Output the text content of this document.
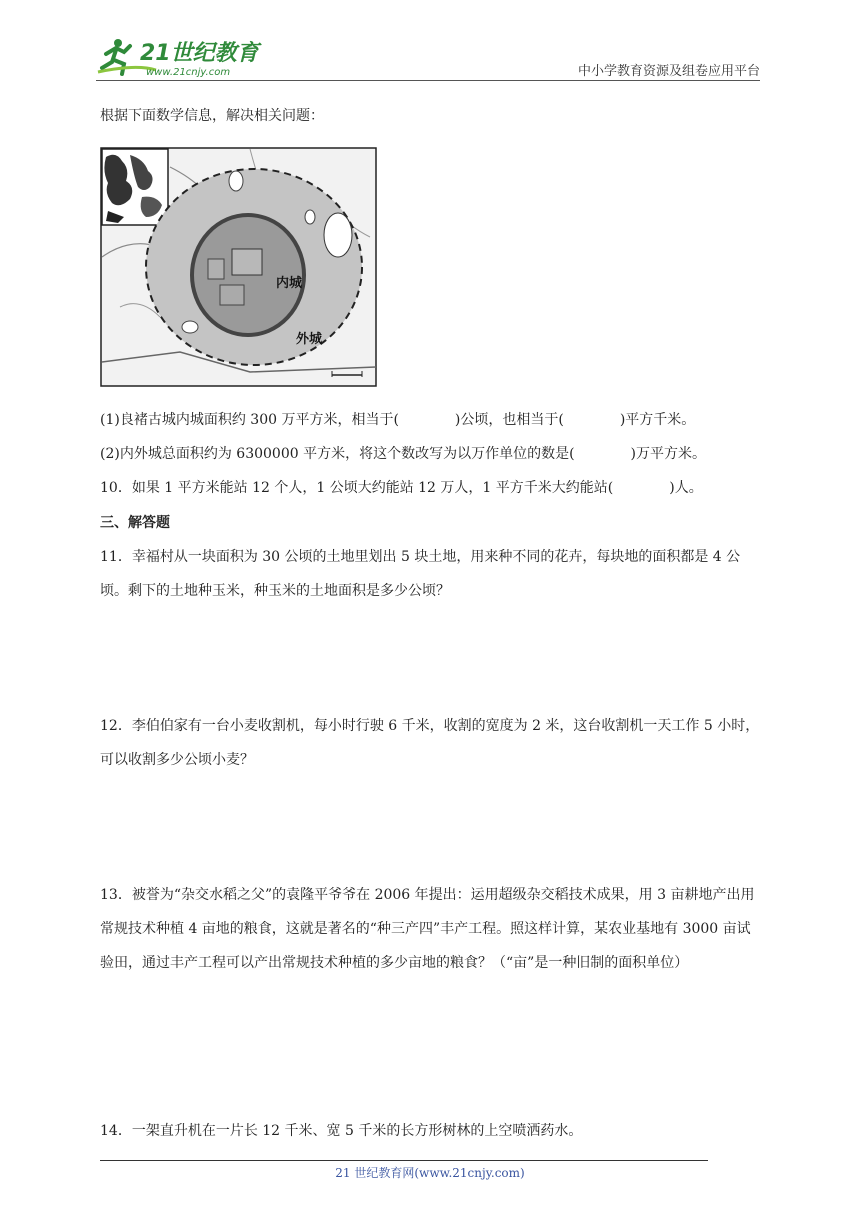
21世纪教育
www.21cnjy.com	中小学教育资源及组卷应用平台
根据下面数学信息，解决相关问题：
内城
外城
(1)良褚古城内城面积约 300 万平方米，相当于(　　　　)公顷，也相当于(　　　　)平方千米。
(2)内外城总面积约为 6300000 平方米，将这个数改写为以万作单位的数是(　　　　)万平方米。
10．如果 1 平方米能站 12 个人，1 公顷大约能站 12 万人，1 平方千米大约能站(　　　　)人。
三、解答题
11．幸福村从一块面积为 30 公顷的土地里划出 5 块土地，用来种不同的花卉，每块地的面积都是 4 公顷。剩下的土地种玉米，种玉米的土地面积是多少公顷？
12．李伯伯家有一台小麦收割机，每小时行驶 6 千米，收割的宽度为 2 米，这台收割机一天工作 5 小时，可以收割多少公顷小麦？
13．被誉为“杂交水稻之父”的袁隆平爷爷在 2006 年提出：运用超级杂交稻技术成果，用 3 亩耕地产出用常规技术种植 4 亩地的粮食，这就是著名的“种三产四”丰产工程。照这样计算，某农业基地有 3000 亩试验田，通过丰产工程可以产出常规技术种植的多少亩地的粮食？（“亩”是一种旧制的面积单位）
14．一架直升机在一片长 12 千米、宽 5 千米的长方形树林的上空喷洒药水。
21 世纪教育网(www.21cnjy.com)
